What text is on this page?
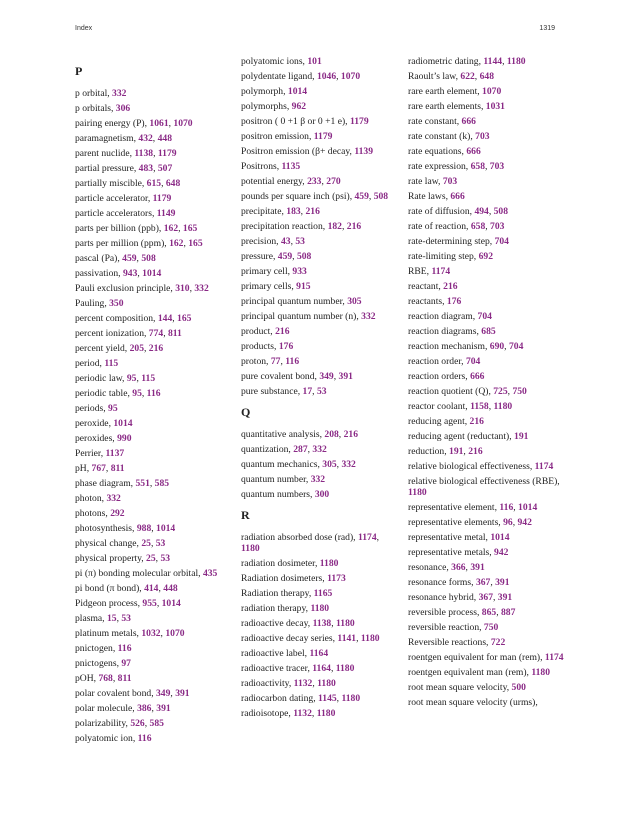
Index	1319
P
p orbital, 332
p orbitals, 306
pairing energy (P), 1061, 1070
paramagnetism, 432, 448
parent nuclide, 1138, 1179
partial pressure, 483, 507
partially miscible, 615, 648
particle accelerator, 1179
particle accelerators, 1149
parts per billion (ppb), 162, 165
parts per million (ppm), 162, 165
pascal (Pa), 459, 508
passivation, 943, 1014
Pauli exclusion principle, 310, 332
Pauling, 350
percent composition, 144, 165
percent ionization, 774, 811
percent yield, 205, 216
period, 115
periodic law, 95, 115
periodic table, 95, 116
periods, 95
peroxide, 1014
peroxides, 990
Perrier, 1137
pH, 767, 811
phase diagram, 551, 585
photon, 332
photons, 292
photosynthesis, 988, 1014
physical change, 25, 53
physical property, 25, 53
pi (π) bonding molecular orbital, 435
pi bond (π bond), 414, 448
Pidgeon process, 955, 1014
plasma, 15, 53
platinum metals, 1032, 1070
pnictogen, 116
pnictogens, 97
pOH, 768, 811
polar covalent bond, 349, 391
polar molecule, 386, 391
polarizability, 526, 585
polyatomic ion, 116
polyatomic ions, 101
polydentate ligand, 1046, 1070
polymorph, 1014
polymorphs, 962
positron ( 0 +1 β or 0 +1 e), 1179
positron emission, 1179
Positron emission (β+ decay, 1139
Positrons, 1135
potential energy, 233, 270
pounds per square inch (psi), 459, 508
precipitate, 183, 216
precipitation reaction, 182, 216
precision, 43, 53
pressure, 459, 508
primary cell, 933
primary cells, 915
principal quantum number, 305
principal quantum number (n), 332
product, 216
products, 176
proton, 77, 116
pure covalent bond, 349, 391
pure substance, 17, 53
Q
quantitative analysis, 208, 216
quantization, 287, 332
quantum mechanics, 305, 332
quantum number, 332
quantum numbers, 300
R
radiation absorbed dose (rad), 1174, 1180
radiation dosimeter, 1180
Radiation dosimeters, 1173
Radiation therapy, 1165
radiation therapy, 1180
radioactive decay, 1138, 1180
radioactive decay series, 1141, 1180
radioactive label, 1164
radioactive tracer, 1164, 1180
radioactivity, 1132, 1180
radiocarbon dating, 1145, 1180
radioisotope, 1132, 1180
radiometric dating, 1144, 1180
Raoult’s law, 622, 648
rare earth element, 1070
rare earth elements, 1031
rate constant, 666
rate constant (k), 703
rate equations, 666
rate expression, 658, 703
rate law, 703
Rate laws, 666
rate of diffusion, 494, 508
rate of reaction, 658, 703
rate-determining step, 704
rate-limiting step, 692
RBE, 1174
reactant, 216
reactants, 176
reaction diagram, 704
reaction diagrams, 685
reaction mechanism, 690, 704
reaction order, 704
reaction orders, 666
reaction quotient (Q), 725, 750
reactor coolant, 1158, 1180
reducing agent, 216
reducing agent (reductant), 191
reduction, 191, 216
relative biological effectiveness, 1174
relative biological effectiveness (RBE), 1180
representative element, 116, 1014
representative elements, 96, 942
representative metal, 1014
representative metals, 942
resonance, 366, 391
resonance forms, 367, 391
resonance hybrid, 367, 391
reversible process, 865, 887
reversible reaction, 750
Reversible reactions, 722
roentgen equivalent for man (rem), 1174
roentgen equivalent man (rem), 1180
root mean square velocity, 500
root mean square velocity (urms),
